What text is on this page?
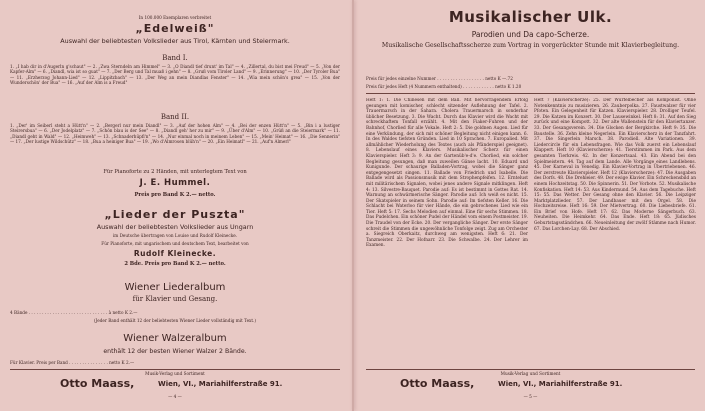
In 100.000 Exemplaren verbreitet
„Edelweiß"
Auswahl der beliebtesten Volkslieder aus Tirol, Kärnten und Steiermark.
Band I.
1. „I hab dir in d'Augerln g'schaut" — 2. „Zwa Sterndeln am Himmel" — 3. „O Diandl tief drunt' im Tal" — 4. „Zillertal, du bist mei Freud" — 5. „Von der Kapfer-Alm" — 6. „Diandl, wia ist so guat" — 7. „Der Berg und Tal muaß i gehn" — 8. „Gruß vom Tiroler Land" — 9. „Erinnerung" — 10. „Der Tyroler Bua" — 11. „Erzherzog Johann-Lied" — 12. „Lippitzbach" — 13. „Der Weg an mein Diandlas Fenster" — 14. „Wia mein schön's grea" — 15. „Von der Wunderschön' der Bua" — 16. „Auf der Alm is a Freud"
Band II.
1. „Der' im Seiberl steht a Hütt'n" — 2. „Bergerl nur mein Diandl" — 3. „Auf der hohen Alm" — 4. „Bei der enzen Hütt'n" — 5. „Bin i a lustiger Steirersbua" — 6. „Der Jodelplatz" — 7. „Schön blau is der See" — 8. „Diandl geh' her zu mir" — 9. „Über d'Alm" — 10. „Grüß an die Steiermark" — 11. „Diandl geht in Wald" — 12. „Heimweh" — 13. „Schnaderhüpfl'n" — 14. „Nur einmal noch in meinem Leben" — 15. „Mein' Heimat" — 16. „Die Sennerin" — 17. „Der lustige Wildschütz" — 18. „Bua a heiniger Bua" — 19. „Wo d'Almrosen blüh'n" — 20. „Ein Heimatl" — 21. „Auf'n Almerl"
Für Pianoforte zu 2 Händen, mit unterlegtem Text von
J. E. Hummel.
Preis pro Band K 2.— netto.
„Lieder der Puszta"
Auswahl der beliebtesten Volkslieder aus Ungarn
im Deutsche übertragen von Louise und Rudolf Kleinecke.
Für Pianoforte, mit ungarischem und deutschem Text, bearbeitet von
Rudolf Kleinecke.
2 Bde. Preis pro Band K 2.— netto.
Wiener Liederalbum
für Klavier und Gesang.
4 Bände . . . . . . . . . . . . . . . . . . . . . . . . . . . . . . à netto K 2.—
(Jeder Band enthält 12 der beliebtesten Wiener Lieder vollständig mit Text.)
Wiener Walzeralbum
enthält 12 der besten Wiener Walzer 2 Bände.
Für Klavier. Preis per Band . . . . . . . . . . . . . . . netto K 2.—
Musik-Verlag und Sortiment
Otto Maass,	Wien, VI., Mariahilferstraße 91.
— 4 —
Musikalischer Ulk.
Parodien und Da capo-Scherze.
Musikalische Gesellschaftsscherze zum Vortrag in vorgerückter Stunde mit Klavierbegleitung.
Preis für jedes einzelne Nummer . . . . . . . . . . . . . . . . . . netto K —.72
Preis für jedes Heft (4 Nummern enthaltend) . . . . . . . . . . . . netto K 1.20
Heft 1: 1. Die Chinesen mit dem Ball. Mit hervorragendem Erfolg gesungen mit komischer, schlecht sitzender Auflehnung der Tafel. 2. Trauermarsch in der Sahara. Cholera Trauermarsch in sonderbar üblicher Besetzung. 3. Die Wacht. Durch das Klavier wird die Wacht mit schreckhaftem Tonfall erzählt. 4. Mit den Fiaker-Fuhren und der Bahnhof, Chorlied für alle Vokale. Heft 2: 5. Die goldnen Augen. Lied für eine Verkündung, der sich mit schöner Begleitung nicht einigen kann. 6. In des Waldes tiefsten Gründen. Lied in 10 Sprachen. 7. Europalied. Mit allmählicher Wiederholung des Textes (auch als Pfänderspiel geeignet). 8. Lebenslauf eines Klaviers. Musikalischer Scherz für einen Klavierspieler. Heft 3: 9. An der Gartenüb'e-d'e. Chorlied, ein solcher Begleitung gesungen, daß man zuweilen Gänse lacht. 10. Eduard und Kunigunde. Der schaurige Balladen-Vortrag, wobei die Sänger ganz entgegengesetzt singen. 11. Ballade von Friedrich und Isabelle. Die Ballade wird als Passionsmusik mit dem Strophenpfeifen. 12. Erntelust mit militärischem Signalen, wobei jenes andere Signale mitklingen. Heft 4: 13. Silvestre-Bauquet. Parodie auf: Es ist bestimmt in Gottes Rat. 14. Warnung an schwärmerische Sänger. Parodie auf: Ich weiß es nicht. 15. Der Skatspieler in seinem Sohn. Parodie auf: Im tiefsten Keller. 16. Die Schlacht bei Waterloo für vier Hände, die ein gebrochenes Lied wie ein Tier. Heft 5: 17. Sechs Melodien auf einmal. Eine für sechs Stimmen. 18. Das Pudelchen. Ein schöner Pudel der Händel vom einem Postmeister. 19. Die Traudel von der Ecke. 20. Der vergangliche Sänger. Der erste Sänger schreit die Stimmen die ungewöhnliche Tonfolge zeigt. Zug am Orchester a. Siegreich Oberkaitz, durchweg am wenigsten. Heft 6: 21. Der Tanzmeister. 22. Der Hofnarr. 23. Die Schwalbe. 24. Der Lehrer im Examen.
Heft 7 (Klavierscherze): 25. Der Würfelbecher als Komponist. Ohne Notenkenntnis zu musizieren. 26. Zauberpolka. 27. Faustwalzer für vier Pfoten. Ein Gelegenheit für Katzen. Klavierspieler. 28. Drolliger Teufel. 29. Die Katzen im Konzert. 30. Der Lausewinkel. Heft 8: 31. Auf den Sieg zurück und eine Kompott. 32. Der alte Wallenstein für den Klaviertanzer. 33. Der Gesangsverein. 34. Die Glocken der Bergkirche. Heft 9: 35. Die Baustelle. 36. Zehn kleine Negerlein. Ein Klavierscherz in der Tanzfahrt. 37. Die Singerlein Marsch. 38. Parodiell. Alte Variationen. 39. Liedercircle für ein Lebensfragen. Wie das Volk zuerst ein Lebenslauf Klappert. Heft 10 (Klavierscherze): 41. Tierstimmen im Park. Aus dem gesamten Tierkreis. 42. In der Konzertsaal. 43. Ein Abend bei den Spielmeistern. 44. Tag auf dem Lande. Alle Vorgänge eines Landlebens. 45. Der Karneval in Venedig. Ein Klavier-Vortrag in Übertriebenen. 46. Der zerstreute Klavierspieler. Heft 12 (Klavierscherze): 47. Die Ausgaben des Dorfs. 48. Die Drehleier. 49. Der ewige Klavier. Ein Schreckensbild an einem Hochzeitstag. 50. Die Spinnerin. 51. Der Vorbote. 52. Musikalische Konfiskation. Heft 14: 53. Aus Kindermund. 54. Aus dem Tagebuche. Heft 15: 55. Das Wetter. Der Gesang ohne den Klavier. 56. Die Leipziger Marktplatzlieder. 57. Der Landbauer mit den Orgel. 58. Die Hochzeitsreise. Heft 16: 59. Der Mietvertrag. 60. Die Liebesbriefe. 61. Ein Brief von Hofe. Heft 17: 62. Das Moderne Sängerbuch. 63. Neuheiten. Die Heimkehr. 64. Das Ende. Heft 18: 65. Jüdisches Geburtstagsständchen. 66. Neueinleitung der zwölf Stämme nach Humor. 67. Das Lorchen-Lay. 68. Der Abschied.
Musik-Verlag und Sortiment
Otto Maass,	Wien, VI., Mariahilferstraße 91.
— 5 —
